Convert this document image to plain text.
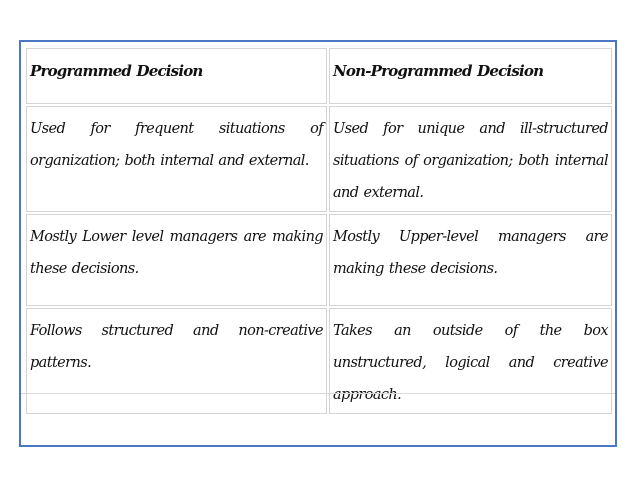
Programmed Decision	Non-Programmed Decision
Used for frequent situations of organization; both internal and external.	Used for unique and ill-structured situations of organization; both internal and external.
Mostly Lower level managers are making these decisions.	Mostly Upper-level managers are making these decisions.
Follows structured and non-creative patterns.	Takes an outside of the box unstructured, logical and creative approach.
